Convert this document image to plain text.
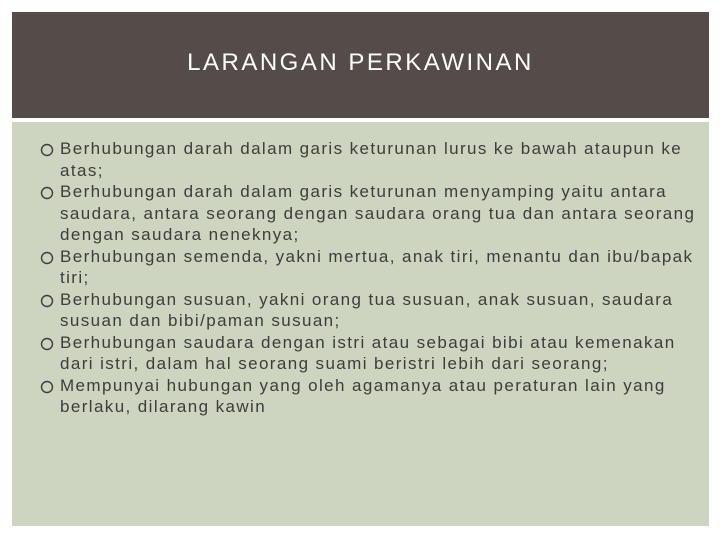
LARANGAN PERKAWINAN
Berhubungan darah dalam garis keturunan lurus ke bawah ataupun ke atas;
Berhubungan darah dalam garis keturunan menyamping yaitu antara saudara, antara seorang dengan saudara orang tua dan antara seorang dengan saudara neneknya;
Berhubungan semenda, yakni mertua, anak tiri, menantu dan ibu/bapak tiri;
Berhubungan susuan, yakni orang tua susuan, anak susuan, saudara susuan dan bibi/paman susuan;
Berhubungan saudara dengan istri atau sebagai bibi atau kemenakan dari istri, dalam hal seorang suami beristri lebih dari seorang;
Mempunyai hubungan yang oleh agamanya atau peraturan lain yang berlaku, dilarang kawin
